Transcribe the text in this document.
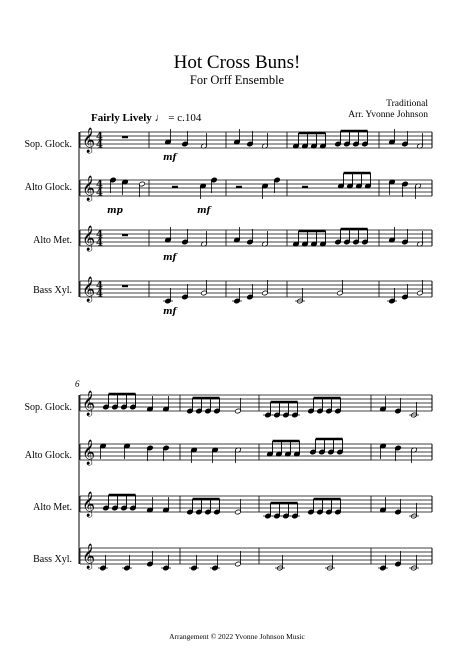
Hot Cross Buns!
For Orff Ensemble
Traditional
Arr. Yvonne Johnson
Fairly Lively ♩ = c.104
Sop. Glock.
Alto Glock.
Alto Met.
Bass Xyl.
6
Sop. Glock.
Alto Glock.
Alto Met.
Bass Xyl.
Arrangement © 2022 Yvonne Johnson Music
𝄞 4
4
𝄞 4
4
𝄞 4
4
𝄞 4
4
mf
mp	mf
mf
mf
𝄞
𝄞
𝄞
𝄞
